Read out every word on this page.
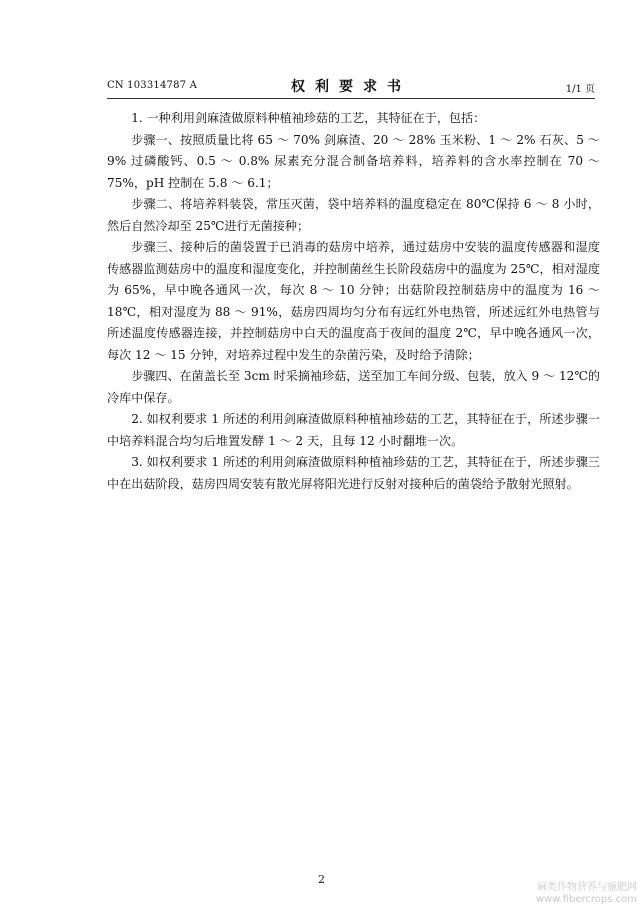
CN 103314787 A	权利要求书	1/1 页

1. 一种利用剑麻渣做原料种植袖珍菇的工艺，其特征在于，包括：

步骤一、按照质量比将 65 ～ 70% 剑麻渣、20 ～ 28% 玉米粉、1 ～ 2% 石灰、5 ～ 9% 过磷酸钙、0.5 ～ 0.8% 尿素充分混合制备培养料，培养料的含水率控制在 70 ～ 75%，pH 控制在 5.8 ～ 6.1；

步骤二、将培养料装袋，常压灭菌，袋中培养料的温度稳定在 80℃保持 6 ～ 8 小时，然后自然冷却至 25℃进行无菌接种；

步骤三、接种后的菌袋置于已消毒的菇房中培养，通过菇房中安装的温度传感器和湿度传感器监测菇房中的温度和湿度变化，并控制菌丝生长阶段菇房中的温度为 25℃，相对湿度为 65%，早中晚各通风一次，每次 8 ～ 10 分钟；出菇阶段控制菇房中的温度为 16 ～ 18℃，相对湿度为 88 ～ 91%，菇房四周均匀分布有远红外电热管，所述远红外电热管与所述温度传感器连接，并控制菇房中白天的温度高于夜间的温度 2℃，早中晚各通风一次，每次 12 ～ 15 分钟，对培养过程中发生的杂菌污染，及时给予清除；

步骤四、在菌盖长至 3cm 时采摘袖珍菇，送至加工车间分级、包装，放入 9 ～ 12℃的冷库中保存。

2. 如权利要求 1 所述的利用剑麻渣做原料种植袖珍菇的工艺，其特征在于，所述步骤一中培养料混合均匀后堆置发酵 1 ～ 2 天，且每 12 小时翻堆一次。

3. 如权利要求 1 所述的利用剑麻渣做原料种植袖珍菇的工艺，其特征在于，所述步骤三中在出菇阶段，菇房四周安装有散光屏将阳光进行反射对接种后的菌袋给予散射光照射。

2
麻类作物营养与施肥网
www.fibercrops.com
